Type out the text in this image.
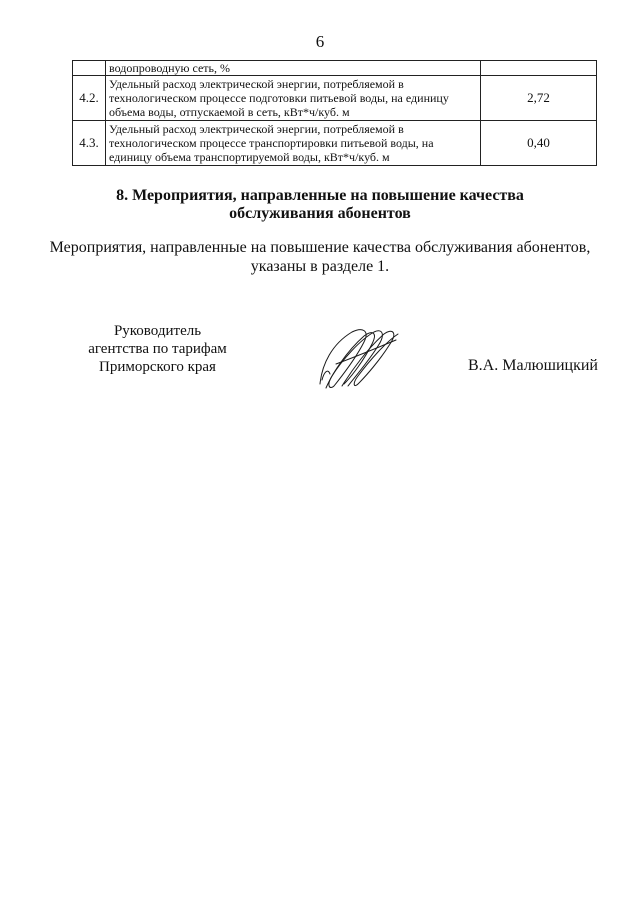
6
	водопроводную сеть, %	
4.2.	Удельный расход электрической энергии, потребляемой в технологическом процессе подготовки питьевой воды, на единицу объема воды, отпускаемой в сеть, кВт*ч/куб. м	2,72
4.3.	Удельный расход электрической энергии, потребляемой в технологическом процессе транспортировки питьевой воды, на единицу объема транспортируемой воды, кВт*ч/куб. м	0,40
8. Мероприятия, направленные на повышение качества
обслуживания абонентов
Мероприятия, направленные на повышение качества обслуживания абонентов,
указаны в разделе 1.
Руководитель
агентства по тарифам
Приморского края	В.А. Малюшицкий
